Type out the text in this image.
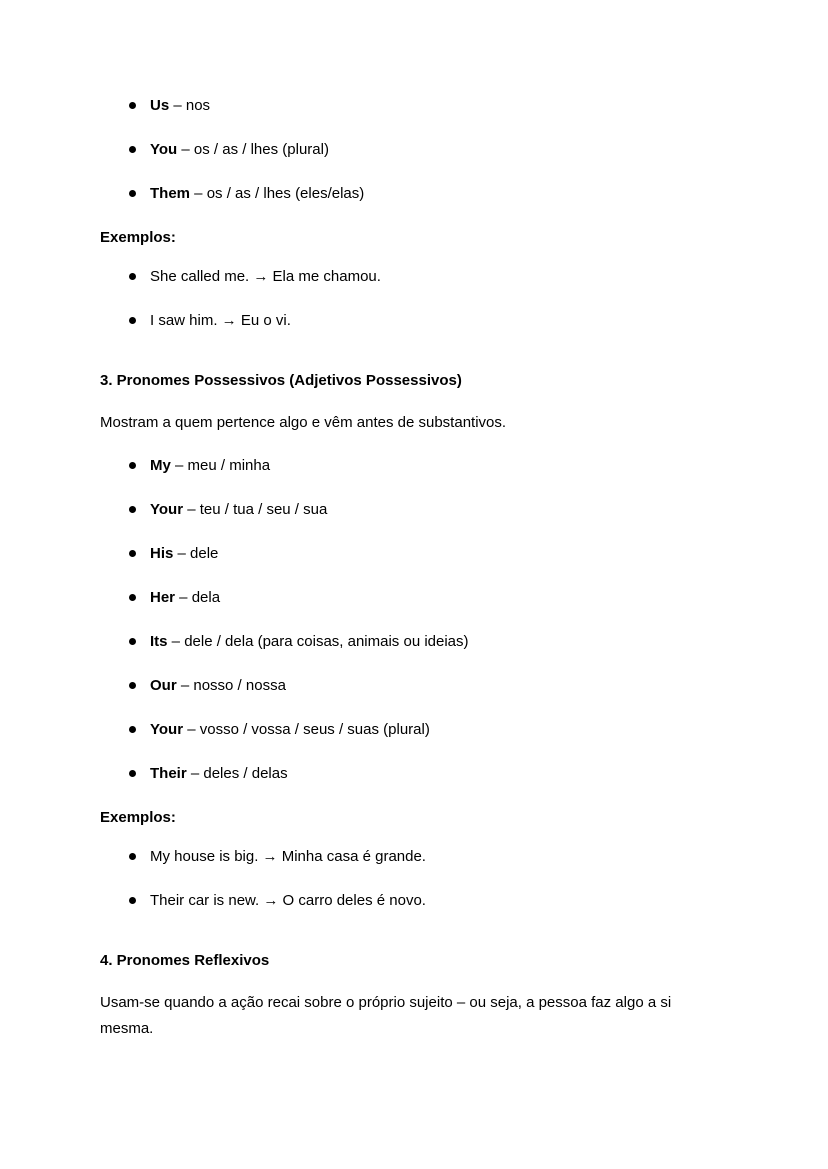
Us – nos
You – os / as / lhes (plural)
Them – os / as / lhes (eles/elas)

Exemplos:

She called me. → Ela me chamou.
I saw him. → Eu o vi.

3. Pronomes Possessivos (Adjetivos Possessivos)

Mostram a quem pertence algo e vêm antes de substantivos.

My – meu / minha
Your – teu / tua / seu / sua
His – dele
Her – dela
Its – dele / dela (para coisas, animais ou ideias)
Our – nosso / nossa
Your – vosso / vossa / seus / suas (plural)
Their – deles / delas

Exemplos:

My house is big. → Minha casa é grande.
Their car is new. → O carro deles é novo.

4. Pronomes Reflexivos

Usam-se quando a ação recai sobre o próprio sujeito – ou seja, a pessoa faz algo a si mesma.
